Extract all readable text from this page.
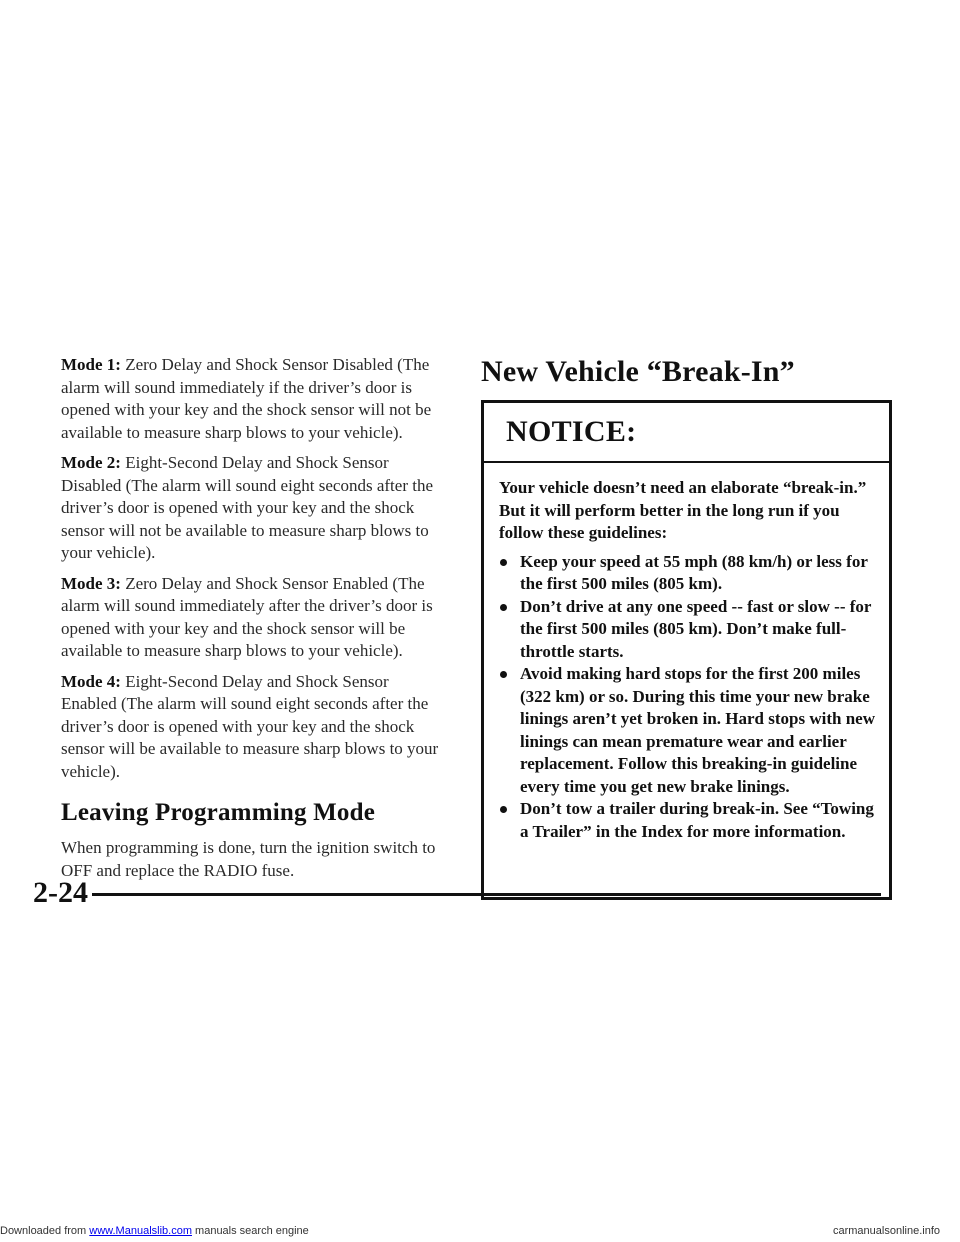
Mode 1: Zero Delay and Shock Sensor Disabled (The alarm will sound immediately if the driver’s door is opened with your key and the shock sensor will not be available to measure sharp blows to your vehicle).

Mode 2: Eight-Second Delay and Shock Sensor Disabled (The alarm will sound eight seconds after the driver’s door is opened with your key and the shock sensor will not be available to measure sharp blows to your vehicle).

Mode 3: Zero Delay and Shock Sensor Enabled (The alarm will sound immediately after the driver’s door is opened with your key and the shock sensor will be available to measure sharp blows to your vehicle).

Mode 4: Eight-Second Delay and Shock Sensor Enabled (The alarm will sound eight seconds after the driver’s door is opened with your key and the shock sensor will be available to measure sharp blows to your vehicle).

Leaving Programming Mode

When programming is done, turn the ignition switch to OFF and replace the RADIO fuse.

New Vehicle “Break-In”
NOTICE:

Your vehicle doesn’t need an elaborate “break-in.” But it will perform better in the long run if you follow these guidelines:

Keep your speed at 55 mph (88 km/h) or less for the first 500 miles (805 km).
Don’t drive at any one speed -- fast or slow -- for the first 500 miles (805 km). Don’t make full-throttle starts.
Avoid making hard stops for the first 200 miles (322 km) or so. During this time your new brake linings aren’t yet broken in. Hard stops with new linings can mean premature wear and earlier replacement. Follow this breaking-in guideline every time you get new brake linings.
Don’t tow a trailer during break-in. See “Towing a Trailer” in the Index for more information.
2-24
Downloaded from www.Manualslib.com manuals search engine	carmanualsonline.info
